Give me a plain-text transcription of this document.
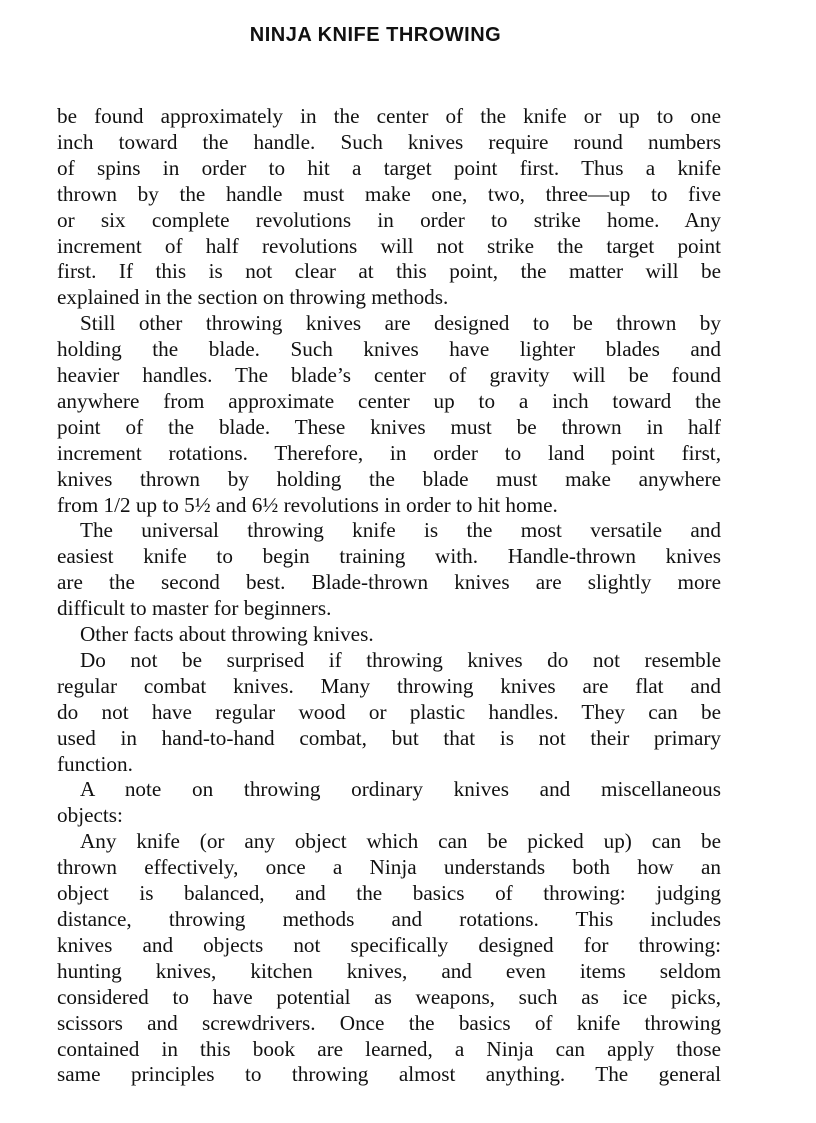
NINJA KNIFE THROWING
be found approximately in the center of the knife or up to one
inch toward the handle. Such knives require round numbers
of spins in order to hit a target point first. Thus a knife
thrown by the handle must make one, two, three—up to five
or six complete revolutions in order to strike home. Any
increment of half revolutions will not strike the target point
first. If this is not clear at this point, the matter will be
explained in the section on throwing methods.
Still other throwing knives are designed to be thrown by
holding the blade. Such knives have lighter blades and
heavier handles. The blade’s center of gravity will be found
anywhere from approximate center up to a inch toward the
point of the blade. These knives must be thrown in half
increment rotations. Therefore, in order to land point first,
knives thrown by holding the blade must make anywhere
from 1/2 up to 5½ and 6½ revolutions in order to hit home.
The universal throwing knife is the most versatile and
easiest knife to begin training with. Handle-thrown knives
are the second best. Blade-thrown knives are slightly more
difficult to master for beginners.
Other facts about throwing knives.
Do not be surprised if throwing knives do not resemble
regular combat knives. Many throwing knives are flat and
do not have regular wood or plastic handles. They can be
used in hand-to-hand combat, but that is not their primary
function.
A note on throwing ordinary knives and miscellaneous
objects:
Any knife (or any object which can be picked up) can be
thrown effectively, once a Ninja understands both how an
object is balanced, and the basics of throwing: judging
distance, throwing methods and rotations. This includes
knives and objects not specifically designed for throwing:
hunting knives, kitchen knives, and even items seldom
considered to have potential as weapons, such as ice picks,
scissors and screwdrivers. Once the basics of knife throwing
contained in this book are learned, a Ninja can apply those
same principles to throwing almost anything. The general
